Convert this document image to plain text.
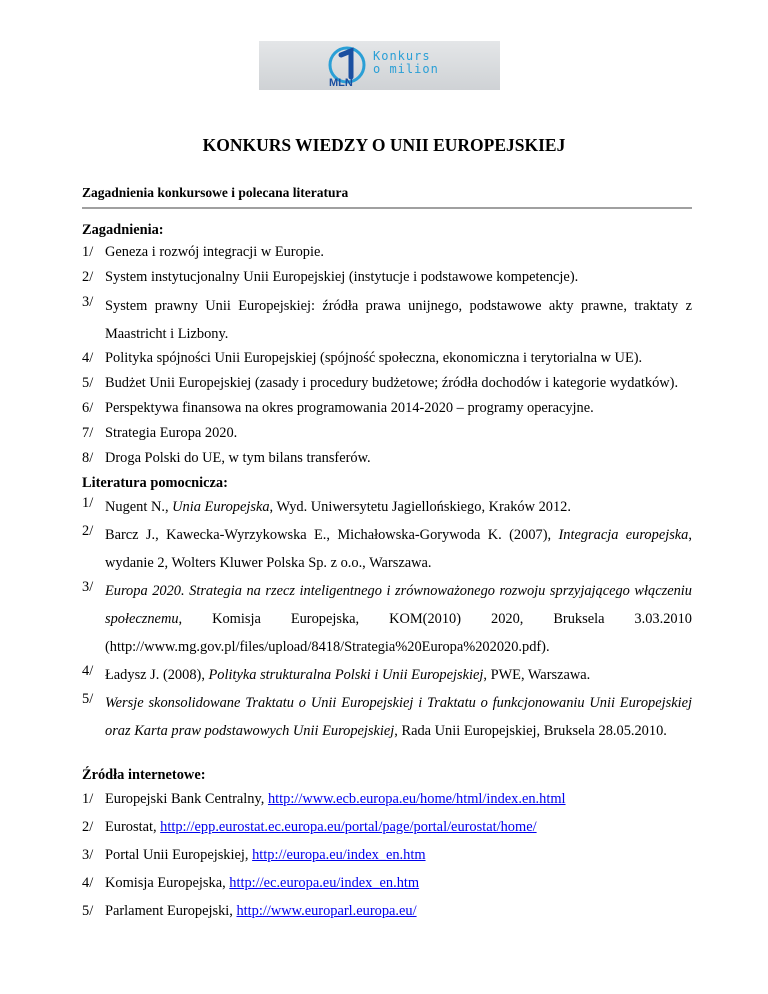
MLN
Konkurs
o milion
KONKURS WIEDZY O UNII EUROPEJSKIEJ
Zagadnienia konkursowe i polecana literatura
Zagadnienia:
1/ Geneza i rozwój integracji w Europie.
2/ System instytucjonalny Unii Europejskiej (instytucje i podstawowe kompetencje).
3/ System prawny Unii Europejskiej: źródła prawa unijnego, podstawowe akty prawne, traktaty z Maastricht i Lizbony.
4/ Polityka spójności Unii Europejskiej (spójność społeczna, ekonomiczna i terytorialna w UE).
5/ Budżet Unii Europejskiej (zasady i procedury budżetowe; źródła dochodów i kategorie wydatków).
6/ Perspektywa finansowa na okres programowania 2014-2020 – programy operacyjne.
7/ Strategia Europa 2020.
8/ Droga Polski do UE, w tym bilans transferów.
Literatura pomocnicza:
1/ Nugent N., Unia Europejska, Wyd. Uniwersytetu Jagiellońskiego, Kraków 2012.
2/ Barcz J., Kawecka-Wyrzykowska E., Michałowska-Gorywoda K. (2007), Integracja europejska, wydanie 2, Wolters Kluwer Polska Sp. z o.o., Warszawa.
3/ Europa 2020. Strategia na rzecz inteligentnego i zrównoważonego rozwoju sprzyjającego włączeniu społecznemu, Komisja Europejska, KOM(2010) 2020, Bruksela 3.03.2010 (http://www.mg.gov.pl/files/upload/8418/Strategia%20Europa%202020.pdf).
4/ Ładysz J. (2008), Polityka strukturalna Polski i Unii Europejskiej, PWE, Warszawa.
5/ Wersje skonsolidowane Traktatu o Unii Europejskiej i Traktatu o funkcjonowaniu Unii Europejskiej oraz Karta praw podstawowych Unii Europejskiej, Rada Unii Europejskiej, Bruksela 28.05.2010.
Źródła internetowe:
1/ Europejski Bank Centralny, http://www.ecb.europa.eu/home/html/index.en.html
2/ Eurostat, http://epp.eurostat.ec.europa.eu/portal/page/portal/eurostat/home/
3/ Portal Unii Europejskiej, http://europa.eu/index_en.htm
4/ Komisja Europejska, http://ec.europa.eu/index_en.htm
5/ Parlament Europejski, http://www.europarl.europa.eu/
